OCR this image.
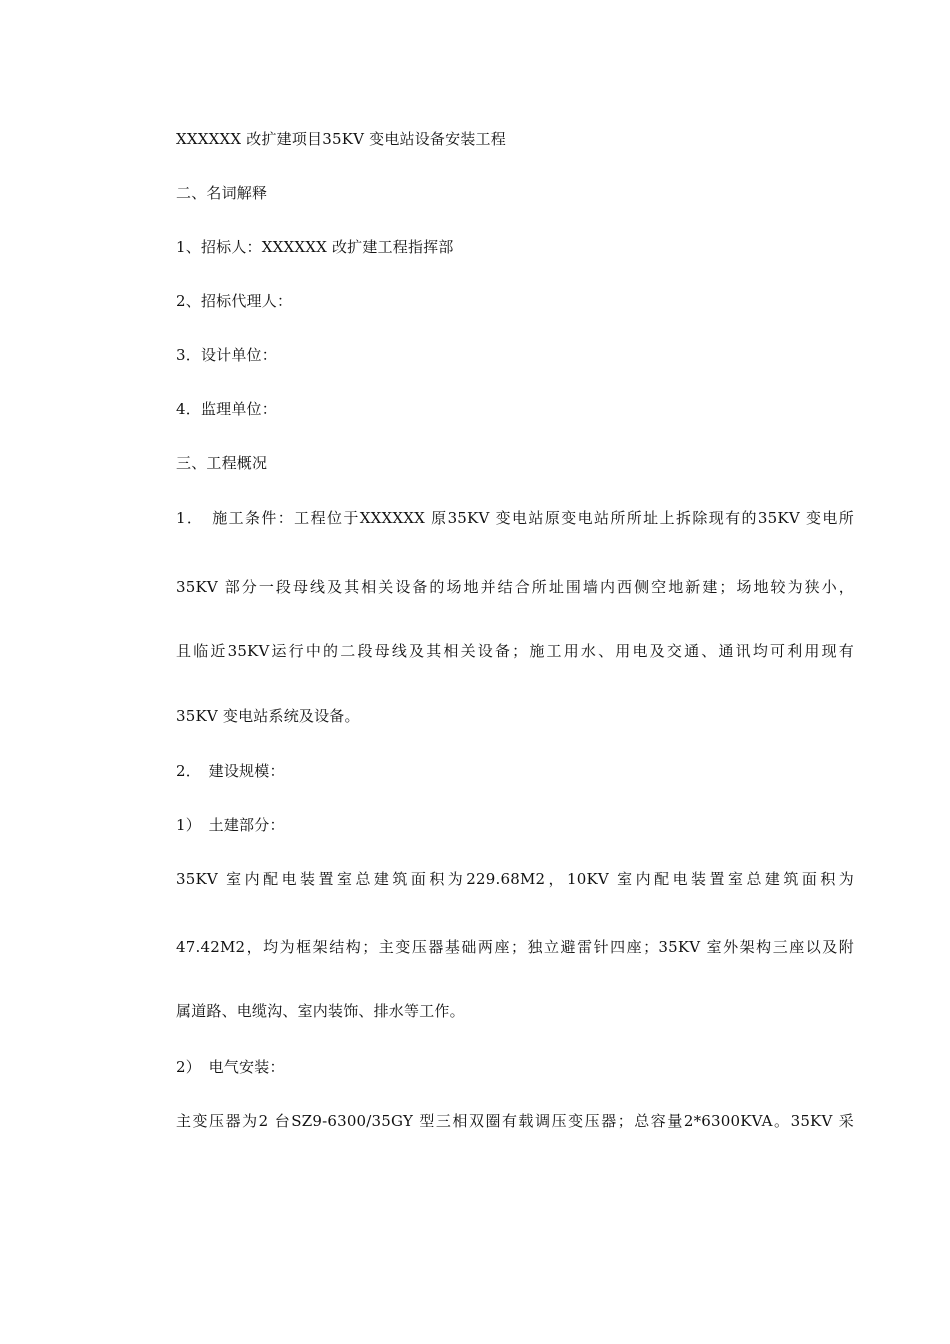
XXXXXX 改扩建项目35KV 变电站设备安装工程
二、名词解释
1、招标人：XXXXXX 改扩建工程指挥部
2、招标代理人：
3．设计单位：
4．监理单位：
三、工程概况
1．　施工条件：工程位于XXXXXX 原35KV 变电站原变电站所所址上拆除现有的35KV 变电所
35KV 部分一段母线及其相关设备的场地并结合所址围墙内西侧空地新建；场地较为狭小，
且临近35KV运行中的二段母线及其相关设备；施工用水、用电及交通、通讯均可利用现有
35KV 变电站系统及设备。
2．　建设规模：
1）　土建部分：
35KV 室内配电装置室总建筑面积为229.68M2，10KV 室内配电装置室总建筑面积为
47.42M2，均为框架结构；主变压器基础两座；独立避雷针四座；35KV 室外架构三座以及附
属道路、电缆沟、室内装饰、排水等工作。
2）　电气安装：
主变压器为2 台SZ9-6300/35GY 型三相双圈有载调压变压器；总容量2*6300KVA。35KV 采
